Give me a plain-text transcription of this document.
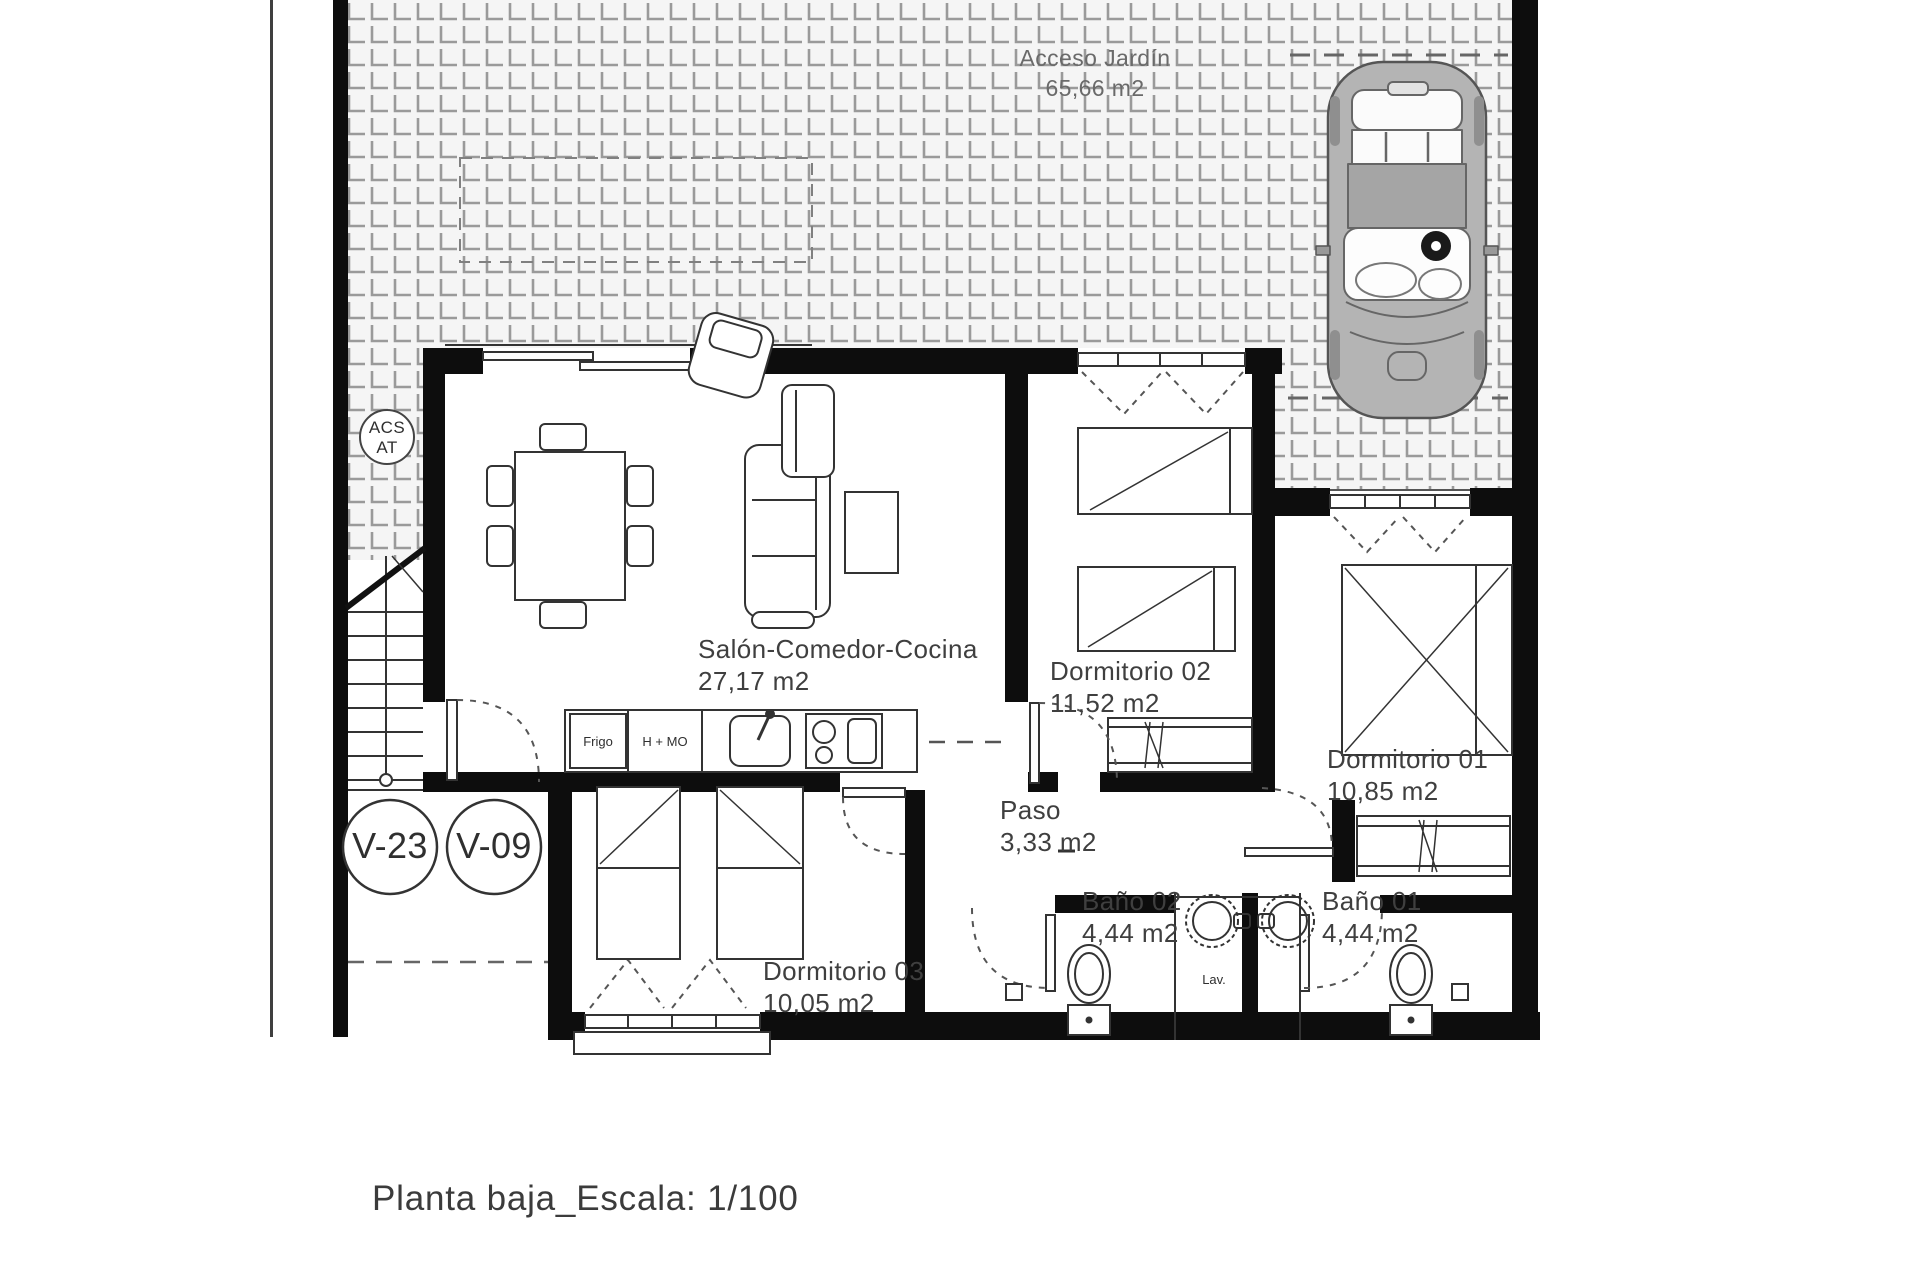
Acceso Jardín
65,66 m2
Salón-Comedor-Cocina
27,17 m2	Dormitorio 02
11,52 m2
Dormitorio 01
10,85 m2
Paso
3,33 m2
Baño 02
4,44 m2
Baño 01
4,44 m2
Dormitorio 03
10,05 m2
Frigo	H + MO
Lav.
ACS
AT
V-23 V-09
Planta baja_Escala: 1/100
